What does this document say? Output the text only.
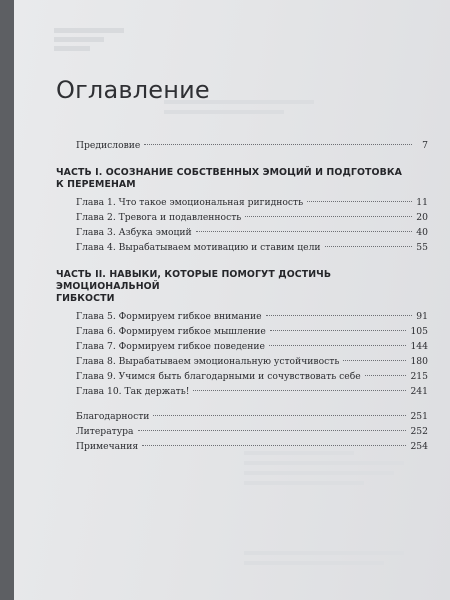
Оглавление
Предисловие	7
ЧАСТЬ I. ОСОЗНАНИЕ СОБСТВЕННЫХ ЭМОЦИЙ И ПОДГОТОВКА
К ПЕРЕМЕНАМ
Глава 1. Что такое эмоциональная ригидность	11
Глава 2. Тревога и подавленность	20
Глава 3. Азбука эмоций	40
Глава 4. Вырабатываем мотивацию и ставим цели	55
ЧАСТЬ II. НАВЫКИ, КОТОРЫЕ ПОМОГУТ ДОСТИЧЬ ЭМОЦИОНАЛЬНОЙ
ГИБКОСТИ
Глава 5. Формируем гибкое внимание	91
Глава 6. Формируем гибкое мышление	105
Глава 7. Формируем гибкое поведение	144
Глава 8. Вырабатываем эмоциональную устойчивость	180
Глава 9. Учимся быть благодарными и сочувствовать себе	215
Глава 10. Так держать!	241
Благодарности	251
Литература	252
Примечания	254
